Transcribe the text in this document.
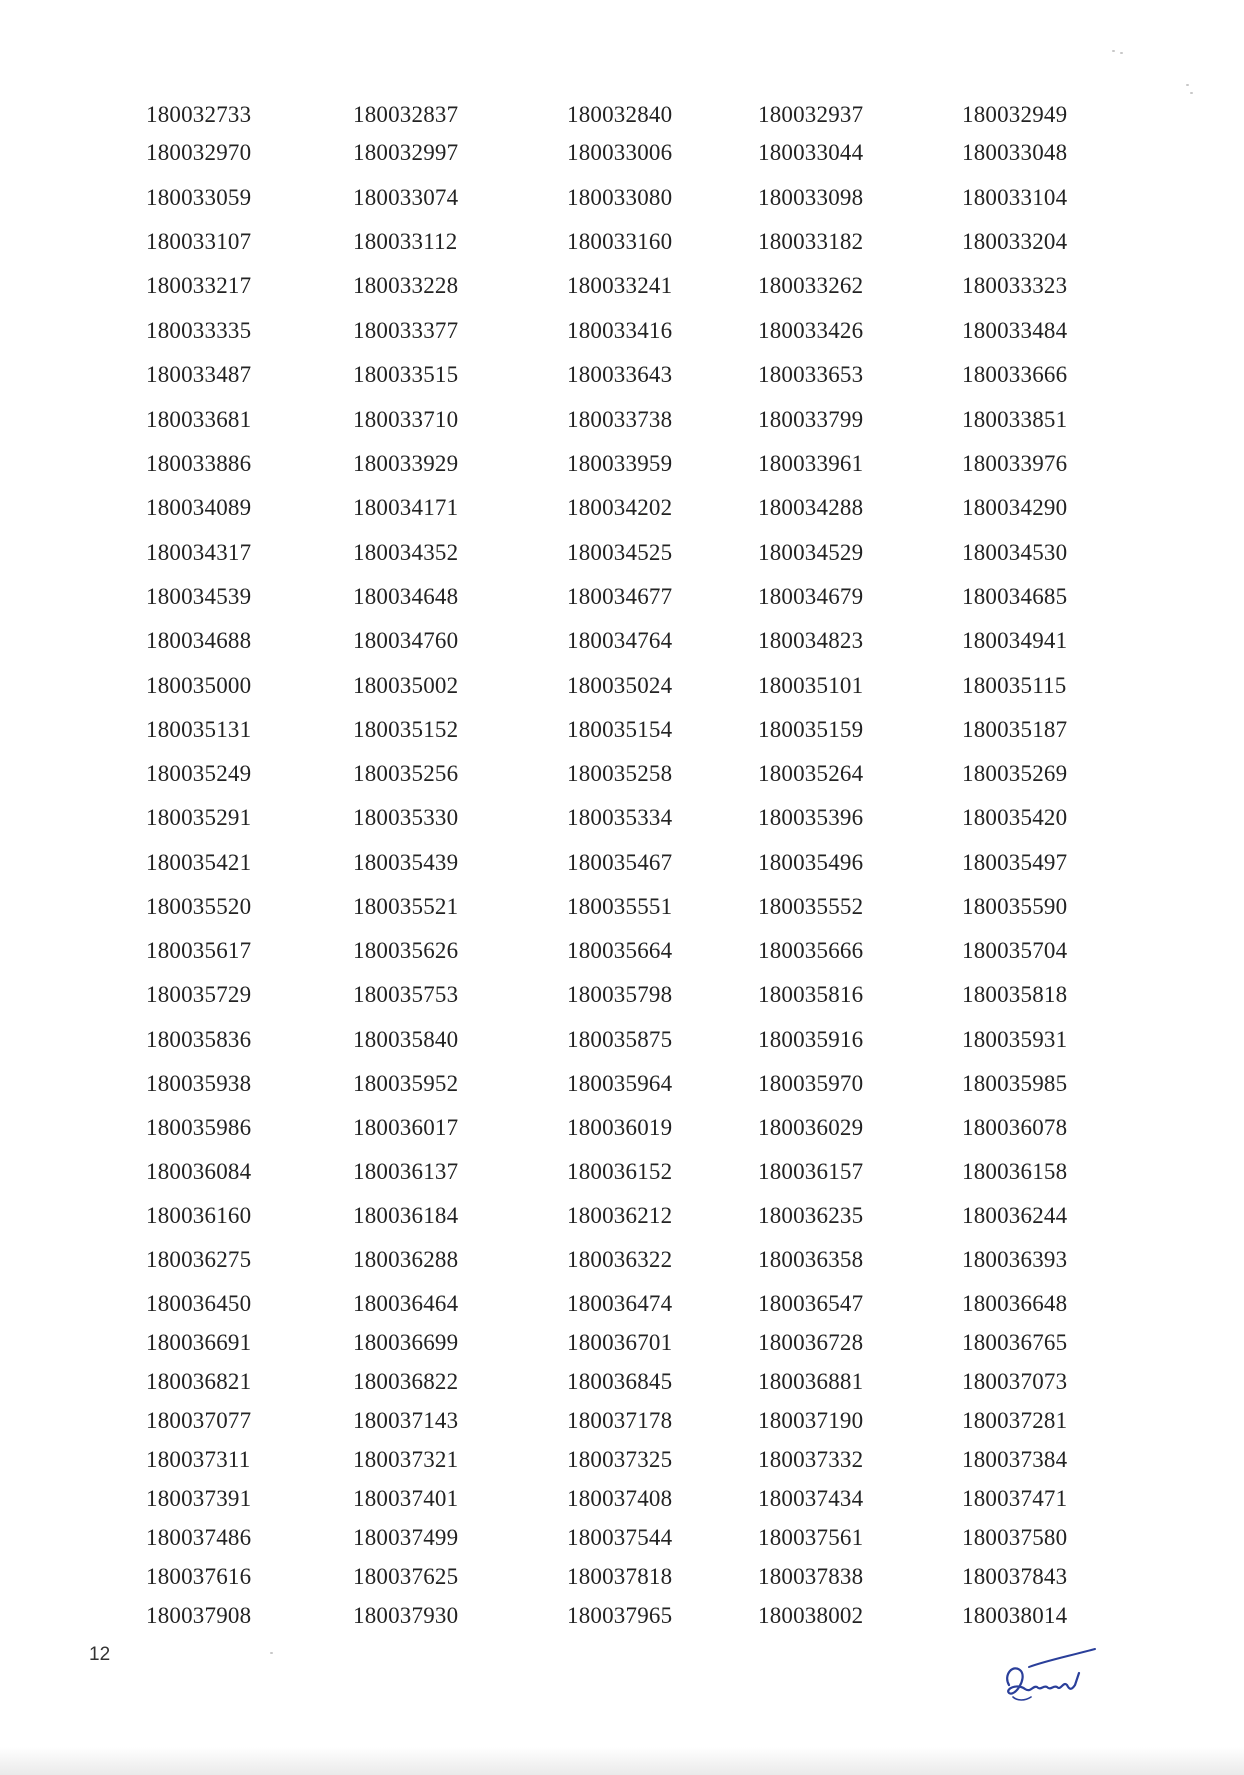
180032733	180032837	180032840	180032937	180032949
180032970	180032997	180033006	180033044	180033048
180033059	180033074	180033080	180033098	180033104
180033107	180033112	180033160	180033182	180033204
180033217	180033228	180033241	180033262	180033323
180033335	180033377	180033416	180033426	180033484
180033487	180033515	180033643	180033653	180033666
180033681	180033710	180033738	180033799	180033851
180033886	180033929	180033959	180033961	180033976
180034089	180034171	180034202	180034288	180034290
180034317	180034352	180034525	180034529	180034530
180034539	180034648	180034677	180034679	180034685
180034688	180034760	180034764	180034823	180034941
180035000	180035002	180035024	180035101	180035115
180035131	180035152	180035154	180035159	180035187
180035249	180035256	180035258	180035264	180035269
180035291	180035330	180035334	180035396	180035420
180035421	180035439	180035467	180035496	180035497
180035520	180035521	180035551	180035552	180035590
180035617	180035626	180035664	180035666	180035704
180035729	180035753	180035798	180035816	180035818
180035836	180035840	180035875	180035916	180035931
180035938	180035952	180035964	180035970	180035985
180035986	180036017	180036019	180036029	180036078
180036084	180036137	180036152	180036157	180036158
180036160	180036184	180036212	180036235	180036244
180036275	180036288	180036322	180036358	180036393
180036450	180036464	180036474	180036547	180036648
180036691	180036699	180036701	180036728	180036765
180036821	180036822	180036845	180036881	180037073
180037077	180037143	180037178	180037190	180037281
180037311	180037321	180037325	180037332	180037384
180037391	180037401	180037408	180037434	180037471
180037486	180037499	180037544	180037561	180037580
180037616	180037625	180037818	180037838	180037843
180037908	180037930	180037965	180038002	180038014
12
